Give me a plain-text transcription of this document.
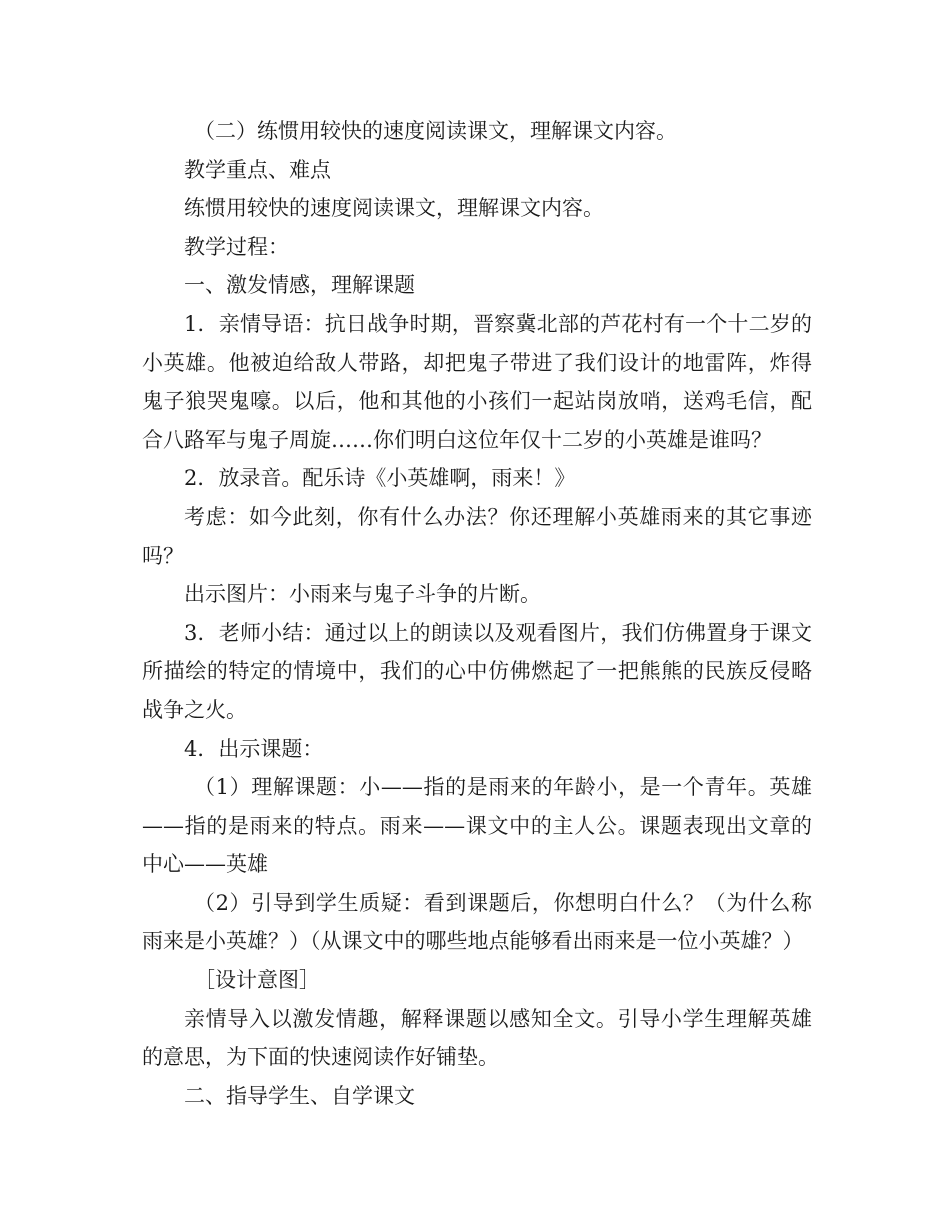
（二）练惯用较快的速度阅读课文，理解课文内容。

教学重点、难点

练惯用较快的速度阅读课文，理解课文内容。

教学过程：

一、激发情感，理解课题

1．亲情导语：抗日战争时期，晋察冀北部的芦花村有一个十二岁的小英雄。他被迫给敌人带路，却把鬼子带进了我们设计的地雷阵，炸得鬼子狼哭鬼嚎。以后，他和其他的小孩们一起站岗放哨，送鸡毛信，配合八路军与鬼子周旋……你们明白这位年仅十二岁的小英雄是谁吗？

2．放录音。配乐诗《小英雄啊，雨来！》

考虑：如今此刻，你有什么办法？你还理解小英雄雨来的其它事迹吗？

出示图片：小雨来与鬼子斗争的片断。

3．老师小结：通过以上的朗读以及观看图片，我们仿佛置身于课文所描绘的特定的情境中，我们的心中仿佛燃起了一把熊熊的民族反侵略战争之火。

4．出示课题：

（1）理解课题：小——指的是雨来的年龄小，是一个青年。英雄——指的是雨来的特点。雨来——课文中的主人公。课题表现出文章的中心——英雄

（2）引导到学生质疑：看到课题后，你想明白什么？（为什么称雨来是小英雄？）（从课文中的哪些地点能够看出雨来是一位小英雄？）

［设计意图］

亲情导入以激发情趣，解释课题以感知全文。引导小学生理解英雄的意思，为下面的快速阅读作好铺垫。

二、指导学生、自学课文
